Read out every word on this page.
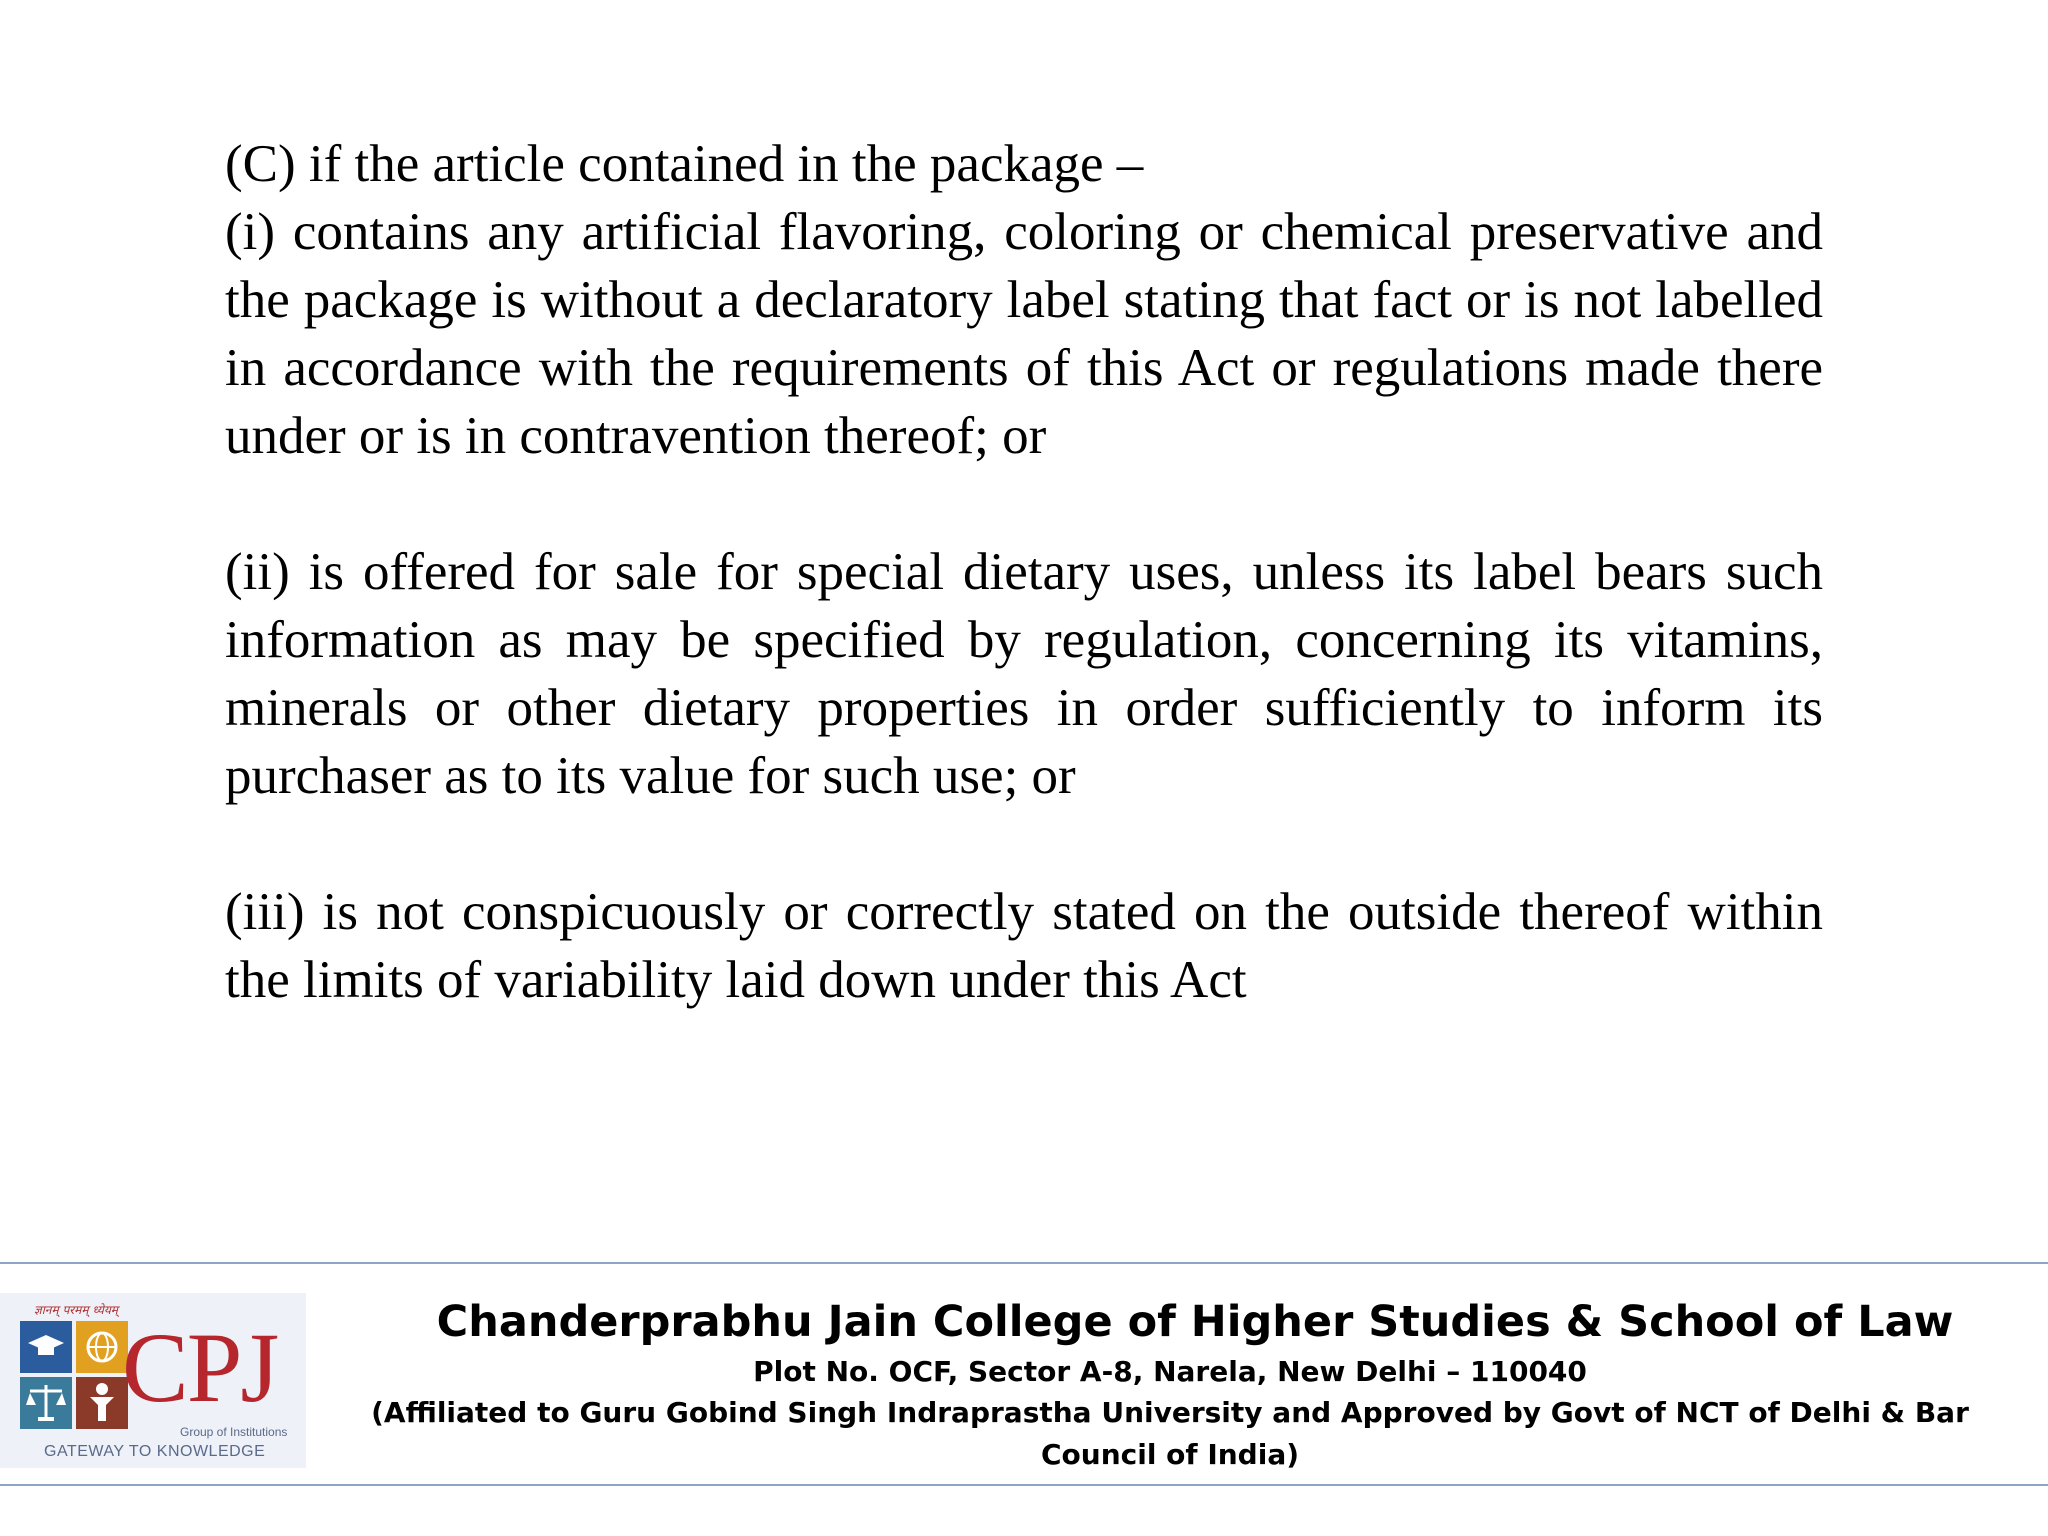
(C) if the article contained in the package –

(i) contains any artificial flavoring, coloring or chemical preservative and the package is without a declaratory label stating that fact or is not labelled in accordance with the requirements of this Act or regulations made there under or is in contravention thereof; or

(ii) is offered for sale for special dietary uses, unless its label bears such information as may be specified by regulation, concerning its vitamins, minerals or other dietary properties in order sufficiently to inform its purchaser as to its value for such use; or

(iii) is not conspicuously or correctly stated on the outside thereof within the limits of variability laid down under this Act

ज्ञानम् परमम् ध्येयम्
CPJ
Group of Institutions
GATEWAY TO KNOWLEDGE
Chanderprabhu Jain College of Higher Studies & School of Law
Plot No. OCF, Sector A-8, Narela, New Delhi – 110040
(Affiliated to Guru Gobind Singh Indraprastha University and Approved by Govt of NCT of Delhi & Bar Council of India)
